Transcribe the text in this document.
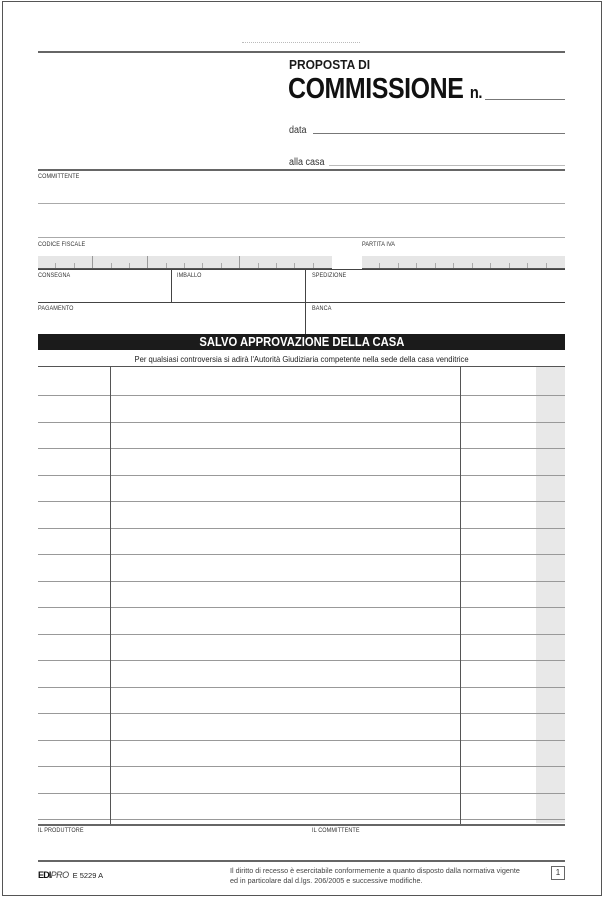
PROPOSTA DI
COMMISSIONE n.
data
alla casa
COMMITTENTE
CODICE FISCALE	PARTITA IVA
CONSEGNA	IMBALLO	SPEDIZIONE
PAGAMENTO	BANCA
SALVO APPROVAZIONE DELLA CASA
Per qualsiasi controversia si adirà l'Autorità Giudiziaria competente nella sede della casa venditrice
IL PRODUTTORE	IL COMMITTENTE
EDIPRO E 5229 A
Il diritto di recesso è esercitabile conformemente a quanto disposto dalla normativa vigente
ed in particolare dal d.lgs. 206/2005 e successive modifiche.
1
